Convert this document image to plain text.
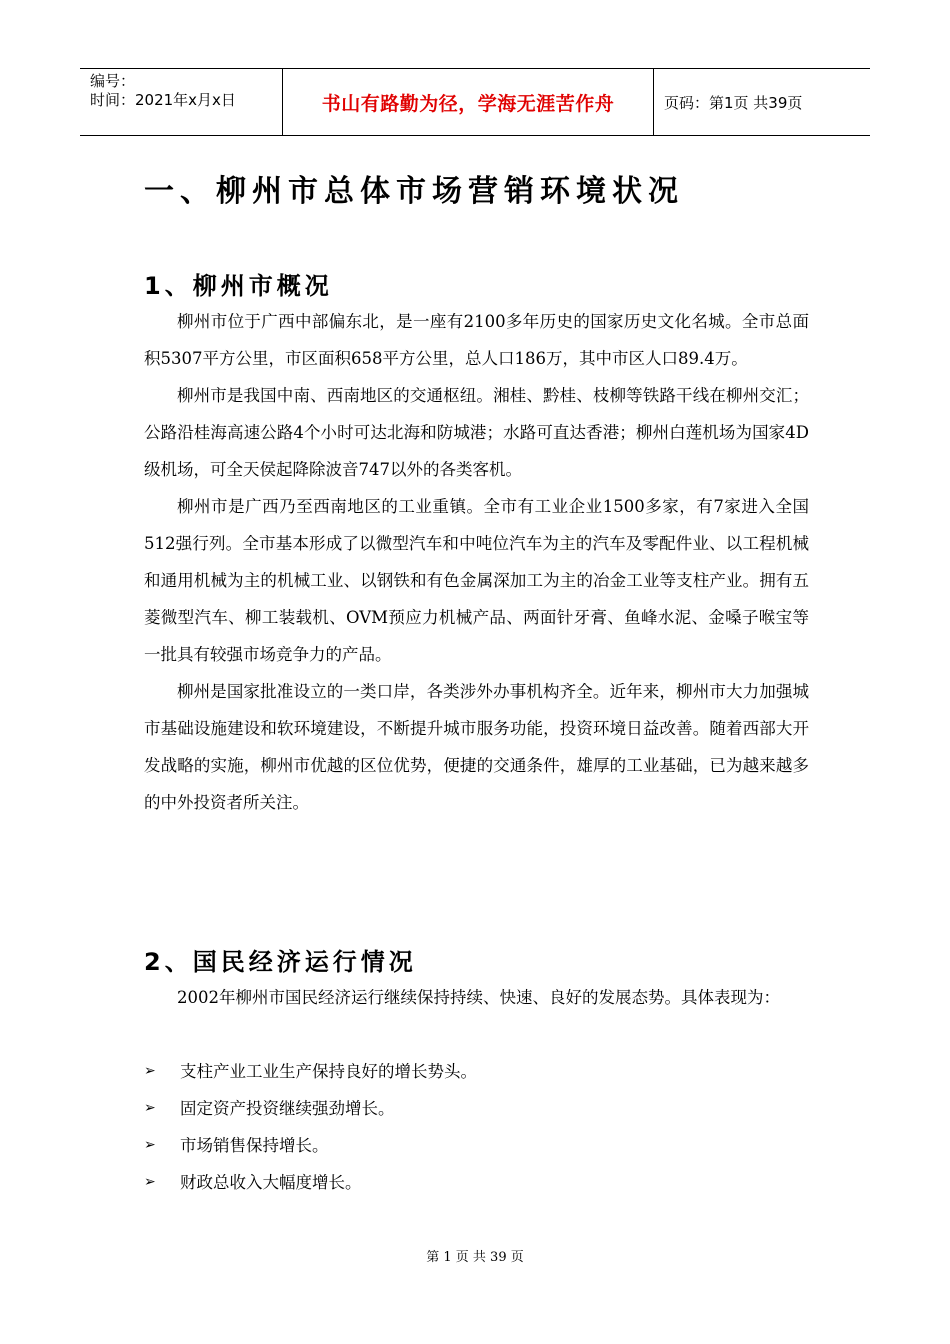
编号：
时间：2021年x月x日	书山有路勤为径，学海无涯苦作舟	页码：第1页 共39页
一、柳州市总体市场营销环境状况
1、柳州市概况

柳州市位于广西中部偏东北，是一座有2100多年历史的国家历史文化名城。全市总面积5307平方公里，市区面积658平方公里，总人口186万，其中市区人口89.4万。

柳州市是我国中南、西南地区的交通枢纽。湘桂、黔桂、枝柳等铁路干线在柳州交汇；公路沿桂海高速公路4个小时可达北海和防城港；水路可直达香港；柳州白莲机场为国家4D级机场，可全天侯起降除波音747以外的各类客机。

柳州市是广西乃至西南地区的工业重镇。全市有工业企业1500多家，有7家进入全国512强行列。全市基本形成了以微型汽车和中吨位汽车为主的汽车及零配件业、以工程机械和通用机械为主的机械工业、以钢铁和有色金属深加工为主的冶金工业等支柱产业。拥有五菱微型汽车、柳工装载机、OVM预应力机械产品、两面针牙膏、鱼峰水泥、金嗓子喉宝等一批具有较强市场竞争力的产品。

柳州是国家批准设立的一类口岸，各类涉外办事机构齐全。近年来，柳州市大力加强城市基础设施建设和软环境建设，不断提升城市服务功能，投资环境日益改善。随着西部大开发战略的实施，柳州市优越的区位优势，便捷的交通条件，雄厚的工业基础，已为越来越多的中外投资者所关注。

2、国民经济运行情况

2002年柳州市国民经济运行继续保持持续、快速、良好的发展态势。具体表现为：

➢	支柱产业工业生产保持良好的增长势头。
➢	固定资产投资继续强劲增长。
➢	市场销售保持增长。
➢	财政总收入大幅度增长。
第 1 页 共 39 页
